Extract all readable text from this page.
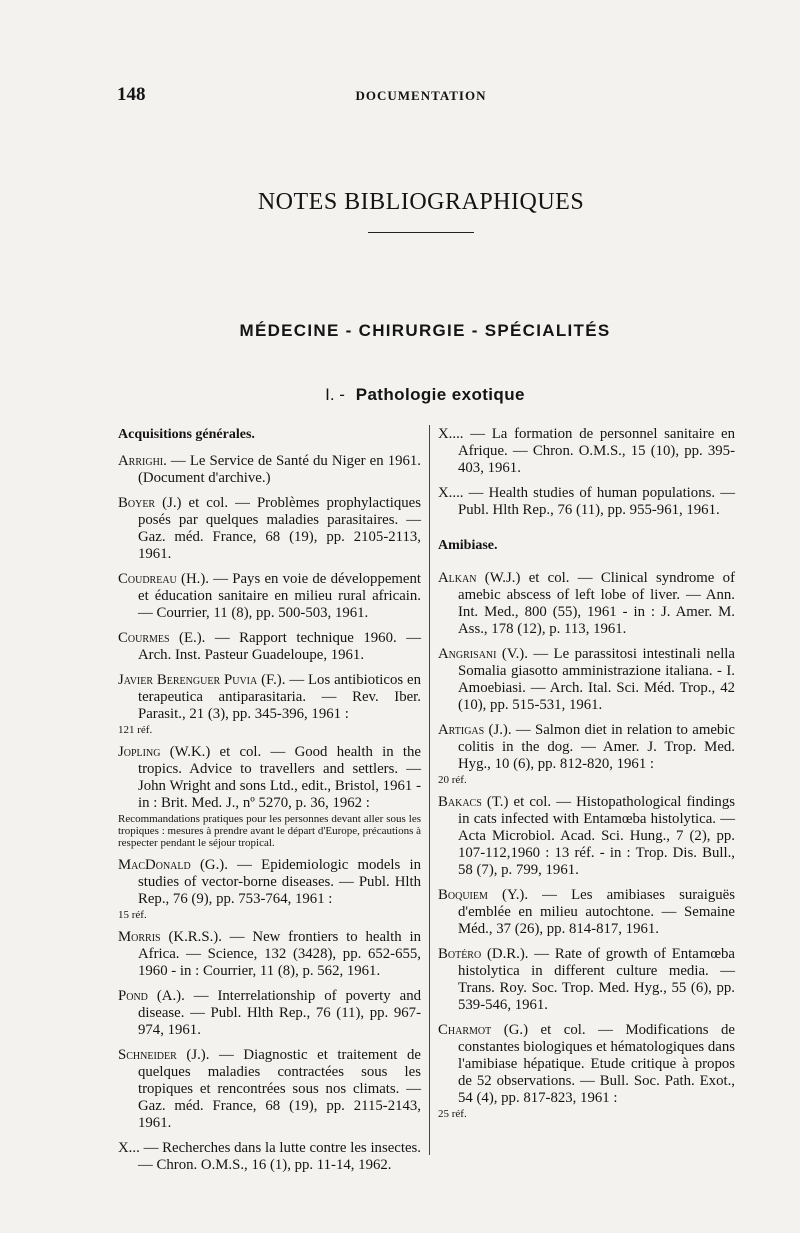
148	DOCUMENTATION
NOTES BIBLIOGRAPHIQUES
MÉDECINE - CHIRURGIE - SPÉCIALITÉS
I. - Pathologie exotique
Acquisitions générales.
Arrighi. — Le Service de Santé du Niger en 1961. (Document d'archive.)
Boyer (J.) et col. — Problèmes prophylactiques posés par quelques maladies parasitaires. — Gaz. méd. France, 68 (19), pp. 2105-2113, 1961.
Coudreau (H.). — Pays en voie de développement et éducation sanitaire en milieu rural africain. — Courrier, 11 (8), pp. 500-503, 1961.
Courmes (E.). — Rapport technique 1960. — Arch. Inst. Pasteur Guadeloupe, 1961.
Javier Berenguer Puvia (F.). — Los antibioticos en terapeutica antiparasitaria. — Rev. Iber. Parasit., 21 (3), pp. 345-396, 1961 :
121 réf.
Jopling (W.K.) et col. — Good health in the tropics. Advice to travellers and settlers. — John Wright and sons Ltd., edit., Bristol, 1961 - in : Brit. Med. J., nº 5270, p. 36, 1962 :
Recommandations pratiques pour les personnes devant aller sous les tropiques : mesures à prendre avant le départ d'Europe, précautions à respecter pendant le séjour tropical.
MacDonald (G.). — Epidemiologic models in studies of vector-borne diseases. — Publ. Hlth Rep., 76 (9), pp. 753-764, 1961 :
15 réf.
Morris (K.R.S.). — New frontiers to health in Africa. — Science, 132 (3428), pp. 652-655, 1960 - in : Courrier, 11 (8), p. 562, 1961.
Pond (A.). — Interrelationship of poverty and disease. — Publ. Hlth Rep., 76 (11), pp. 967-974, 1961.
Schneider (J.). — Diagnostic et traitement de quelques maladies contractées sous les tropiques et rencontrées sous nos climats. — Gaz. méd. France, 68 (19), pp. 2115-2143, 1961.
X... — Recherches dans la lutte contre les insectes. — Chron. O.M.S., 16 (1), pp. 11-14, 1962.
X.... — La formation de personnel sanitaire en Afrique. — Chron. O.M.S., 15 (10), pp. 395-403, 1961.
X.... — Health studies of human populations. — Publ. Hlth Rep., 76 (11), pp. 955-961, 1961.
Amibiase.
Alkan (W.J.) et col. — Clinical syndrome of amebic abscess of left lobe of liver. — Ann. Int. Med., 800 (55), 1961 - in : J. Amer. M. Ass., 178 (12), p. 113, 1961.
Angrisani (V.). — Le parassitosi intestinali nella Somalia giasotto amministrazione italiana. - I. Amoebiasi. — Arch. Ital. Sci. Méd. Trop., 42 (10), pp. 515-531, 1961.
Artigas (J.). — Salmon diet in relation to amebic colitis in the dog. — Amer. J. Trop. Med. Hyg., 10 (6), pp. 812-820, 1961 :
20 réf.
Bakacs (T.) et col. — Histopathological findings in cats infected with Entamœba histolytica. — Acta Microbiol. Acad. Sci. Hung., 7 (2), pp. 107-112,1960 : 13 réf. - in : Trop. Dis. Bull., 58 (7), p. 799, 1961.
Boquiem (Y.). — Les amibiases suraiguës d'emblée en milieu autochtone. — Semaine Méd., 37 (26), pp. 814-817, 1961.
Botéro (D.R.). — Rate of growth of Entamœba histolytica in different culture media. — Trans. Roy. Soc. Trop. Med. Hyg., 55 (6), pp. 539-546, 1961.
Charmot (G.) et col. — Modifications de constantes biologiques et hématologiques dans l'amibiase hépatique. Etude critique à propos de 52 observations. — Bull. Soc. Path. Exot., 54 (4), pp. 817-823, 1961 :
25 réf.
